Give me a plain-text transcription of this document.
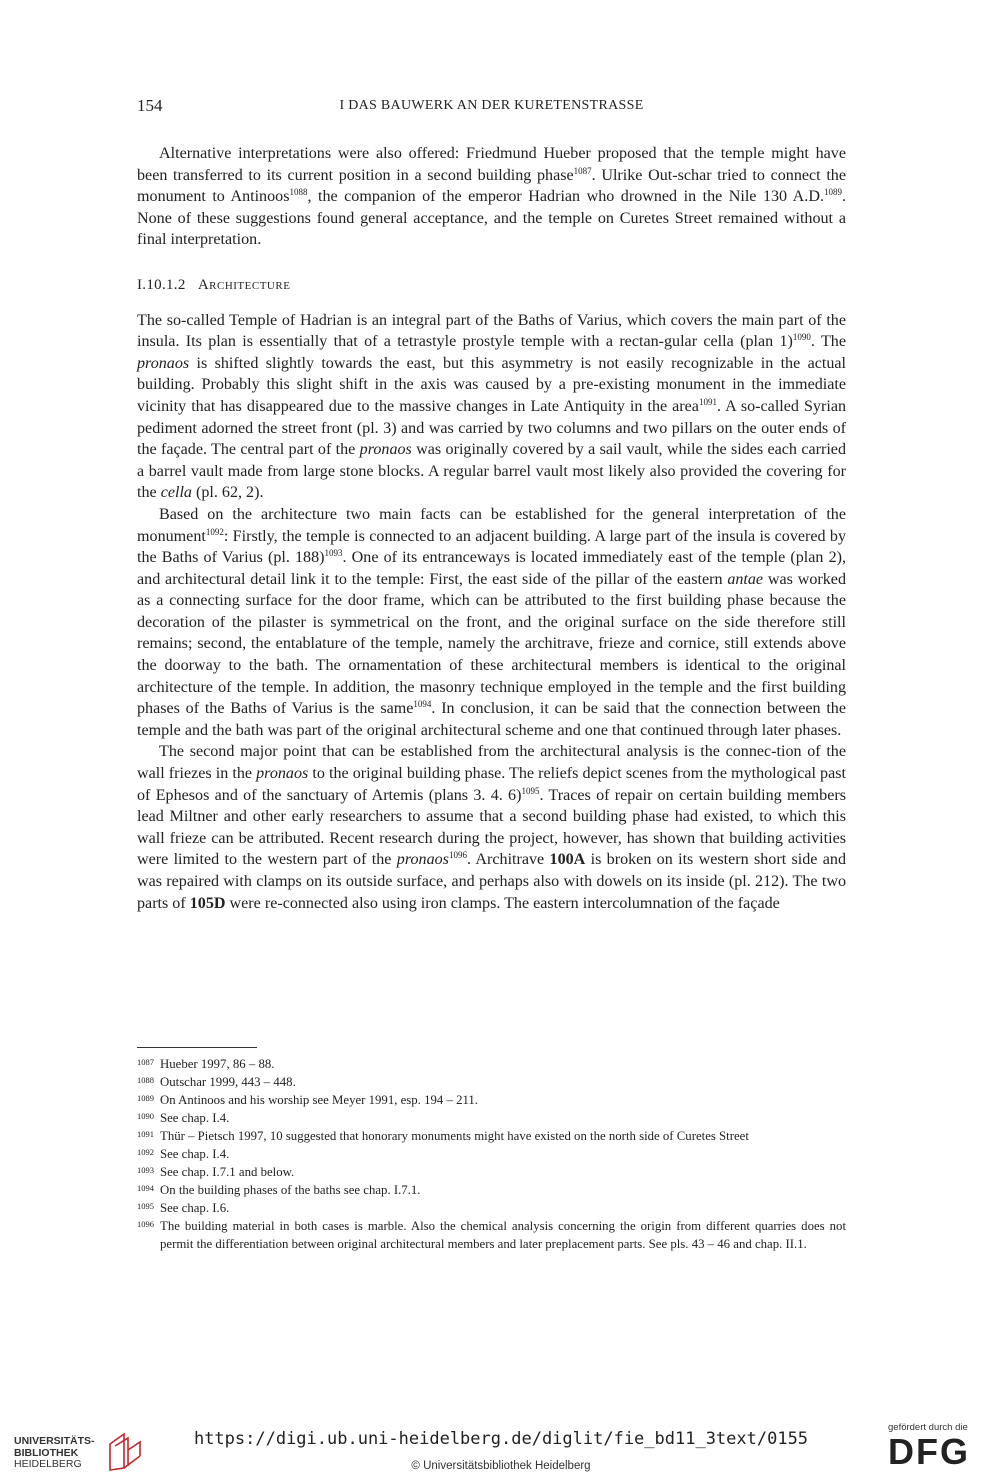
154	I DAS BAUWERK AN DER KURETENSTRASSE

Alternative interpretations were also offered: Friedmund Hueber proposed that the temple might have been transferred to its current position in a second building phase$^{1087}$. Ulrike Out-schar tried to connect the monument to Antinoos$^{1088}$, the companion of the emperor Hadrian who drowned in the Nile 130 A.D.$^{1089}$. None of these suggestions found general acceptance, and the temple on Curetes Street remained without a final interpretation.

I.10.1.2 Architecture

The so-called Temple of Hadrian is an integral part of the Baths of Varius, which covers the main part of the insula. Its plan is essentially that of a tetrastyle prostyle temple with a rectan-gular cella (plan 1)$^{1090}$. The pronaos is shifted slightly towards the east, but this asymmetry is not easily recognizable in the actual building. Probably this slight shift in the axis was caused by a pre-existing monument in the immediate vicinity that has disappeared due to the massive changes in Late Antiquity in the area$^{1091}$. A so-called Syrian pediment adorned the street front (pl. 3) and was carried by two columns and two pillars on the outer ends of the façade. The central part of the pronaos was originally covered by a sail vault, while the sides each carried a barrel vault made from large stone blocks. A regular barrel vault most likely also provided the covering for the cella (pl. 62, 2).

Based on the architecture two main facts can be established for the general interpretation of the monument$^{1092}$: Firstly, the temple is connected to an adjacent building. A large part of the insula is covered by the Baths of Varius (pl. 188)$^{1093}$. One of its entranceways is located immediately east of the temple (plan 2), and architectural detail link it to the temple: First, the east side of the pillar of the eastern antae was worked as a connecting surface for the door frame, which can be attributed to the first building phase because the decoration of the pilaster is symmetrical on the front, and the original surface on the side therefore still remains; second, the entablature of the temple, namely the architrave, frieze and cornice, still extends above the doorway to the bath. The ornamentation of these architectural members is identical to the original architecture of the temple. In addition, the masonry technique employed in the temple and the first building phases of the Baths of Varius is the same$^{1094}$. In conclusion, it can be said that the connection between the temple and the bath was part of the original architectural scheme and one that continued through later phases.

The second major point that can be established from the architectural analysis is the connec-tion of the wall friezes in the pronaos to the original building phase. The reliefs depict scenes from the mythological past of Ephesos and of the sanctuary of Artemis (plans 3. 4. 6)$^{1095}$. Traces of repair on certain building members lead Miltner and other early researchers to assume that a second building phase had existed, to which this wall frieze can be attributed. Recent research during the project, however, has shown that building activities were limited to the western part of the pronaos$^{1096}$. Architrave 100A is broken on its western short side and was repaired with clamps on its outside surface, and perhaps also with dowels on its inside (pl. 212). The two parts of 105D were re-connected also using iron clamps. The eastern intercolumnation of the façade

1087 Hueber 1997, 86 – 88.
1088 Outschar 1999, 443 – 448.
1089 On Antinoos and his worship see Meyer 1991, esp. 194 – 211.
1090 See chap. I.4.
1091 Thür – Pietsch 1997, 10 suggested that honorary monuments might have existed on the north side of Curetes Street
1092 See chap. I.4.
1093 See chap. I.7.1 and below.
1094 On the building phases of the baths see chap. I.7.1.
1095 See chap. I.6.
1096 The building material in both cases is marble. Also the chemical analysis concerning the origin from different quarries does not permit the differentiation between original architectural members and later preplacement parts. See pls. 43 – 46 and chap. II.1.
UNIVERSITÄTS-
BIBLIOTHEK
HEIDELBERG
https://digi.ub.uni-heidelberg.de/diglit/fie_bd11_3text/0155
© Universitätsbibliothek Heidelberg
gefördert durch die
DFG
